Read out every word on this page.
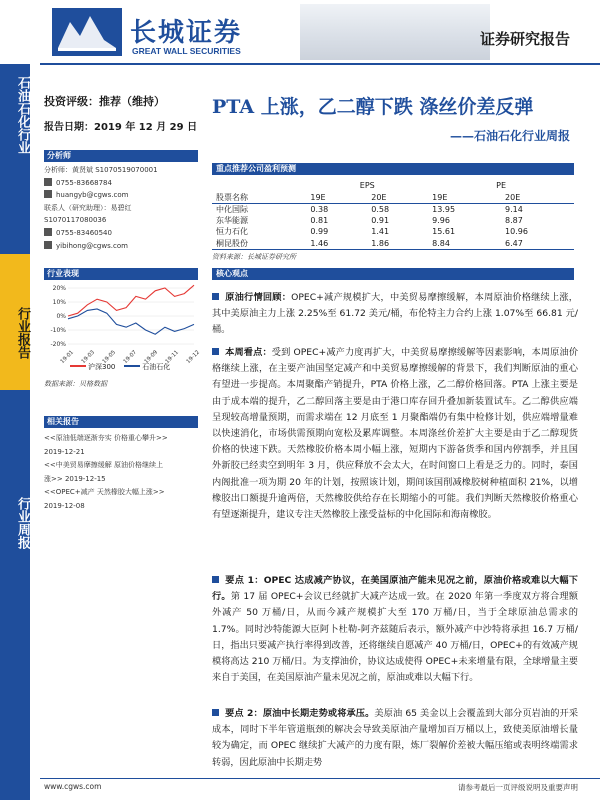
石油石化行业
行业报告
行业周报
长城证券
GREAT WALL SECURITIES
证券研究报告
投资评级：推荐（维持）
报告日期：2019 年 12 月 29 日
分析师
分析师：黄贤斌 S1070519070001
0755-83668784
huangyb@cgws.com
联系人（研究助理）：易碧红
S1070117080036
0755-83460540
yibihong@cgws.com
行业表现
20%
10%
0%
-10%
-20%
19-01 19-03 19-05 19-07 19-09 19-11 19-12
沪深300	石油石化
数据来源：贝格数据
相关报告
<<原油低端逐渐夯实 价格重心攀升>>
2019-12-21
<<中美贸易摩擦缓解 原油价格继续上
涨>> 2019-12-15
<<OPEC+减产 天然橡胶大幅上涨>>
2019-12-08
PTA 上涨，乙二醇下跌 涤丝价差反弹
——石油石化行业周报
重点推荐公司盈利预测
	EPS		PE	
股票名称	19E	20E	19E	20E
中化国际	0.38	0.58	13.95	9.14
东华能源	0.81	0.91	9.96	8.87
恒力石化	0.99	1.41	15.61	10.96
桐昆股份	1.46	1.86	8.84	6.47
资料来源：长城证券研究所
核心观点
原油行情回顾：OPEC+减产规模扩大，中美贸易摩擦缓解，本周原油价格继续上涨，其中美原油主力上涨 2.25%至 61.72 美元/桶，布伦特主力合约上涨 1.07%至 66.81 元/桶。
本周看点：受到 OPEC+减产力度再扩大，中美贸易摩擦缓解等因素影响，本周原油价格继续上涨，在主要产油国坚定减产和中美贸易摩擦缓解的背景下，我们判断原油的重心有望进一步提高。本周聚酯产销提升，PTA 价格上涨，乙二醇价格回落。PTA 上涨主要是由于成本端的提升，乙二醇回落主要是由于港口库存回升叠加新装置试车。乙二醇供应端呈现较高增量预期，而需求端在 12 月底至 1 月聚酯端仍有集中检修计划，供应端增量难以快速消化，市场供需预期向宽松及累库调整。本周涤丝价差扩大主要是由于乙二醇现货价格的快速下跌。天然橡胶价格本周小幅上涨，短期内下游备货季和国内停割季，并且国外新胶已经卖空到明年 3 月，供应释放不会太大，在时间窗口上看是乏力的。同时，泰国内阁批准一项为期 20 年的计划，按照该计划，期间该国削减橡胶树种植面积 21%，以增橡胶出口额提升逾两倍，天然橡胶供给存在长期缩小的可能。我们判断天然橡胶价格重心有望逐渐提升，建议专注天然橡胶上涨受益标的中化国际和海南橡胶。
要点 1：OPEC 达成减产协议，在美国原油产能未见况之前，原油价格或难以大幅下行。第 17 届 OPEC+会议已经就扩大减产达成一致。在 2020 年第一季度双方将合理额外减产 50 万桶/日，从而今减产规模扩大至 170 万桶/日，当于全球原油总需求的 1.7%。同时沙特能源大臣阿卜杜勒-阿齐兹随后表示，额外减产中沙特将承担 16.7 万桶/日，指出只要减产执行率得到改善，还将继续自愿减产 40 万桶/日，OPEC+的有效减产规模将高达 210 万桶/日。为支撑油价，协议达成使得 OPEC+未来增量有限，全球增量主要来自于美国，在美国原油产量未见况之前，原油或难以大幅下行。
要点 2：原油中长期走势或将承压。美原油 65 美金以上会覆盖到大部分页岩油的开采成本，同时下半年管道瓶颈的解决会导致美原油产量增加百万桶以上，致使美原油增长量较为确定，而 OPEC 继续扩大减产的力度有限，炼厂裂解价差被大幅压缩或表明终端需求转弱，因此原油中长期走势
www.cgws.com	请参考最后一页评级说明及重要声明
